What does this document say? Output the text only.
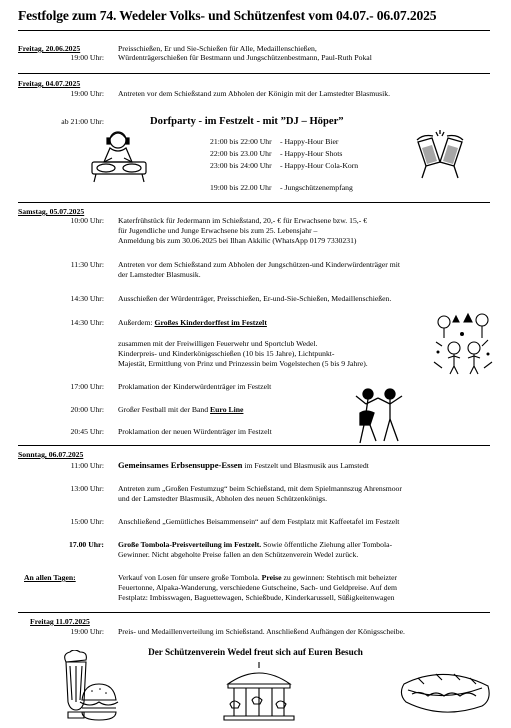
Festfolge zum 74. Wedeler Volks- und Schützenfest vom 04.07.- 06.07.2025
Freitag, 20.06.2025
19:00 Uhr:
Preisschießen, Er und Sie-Schießen für Alle, Medaillenschießen,
Würdenträgerschießen für Bestmann und Jungschützenbestmann, Paul-Ruth Pokal
Freitag, 04.07.2025
19:00 Uhr: Antreten vor dem Schießstand zum Abholen der Königin mit der Lamstedter Blasmusik.
ab 21:00 Uhr:	Dorfparty - im Festzelt - mit ”DJ – Höper”
21:00 bis 22:00 Uhr - Happy-Hour Bier
22:00 bis 23.00 Uhr - Happy-Hour Shots
23:00 bis 24:00 Uhr - Happy-Hour Cola-Korn
19:00 bis 22.00 Uhr - Jungschützenempfang
Samstag, 05.07.2025
10:00 Uhr: Katerfrühstück für Jedermann im Schießstand, 20,- € für Erwachsene bzw. 15,- €
für Jugendliche und Junge Erwachsene bis zum 25. Lebensjahr –
Anmeldung bis zum 30.06.2025 bei Ilhan Akkilic (WhatsApp 0179 7330231)
11:30 Uhr: Antreten vor dem Schießstand zum Abholen der Jungschützen-und Kinderwürdenträger mit
der Lamstedter Blasmusik.
14:30 Uhr: Ausschießen der Würdenträger, Preisschießen, Er-und-Sie-Schießen, Medaillenschießen.
14:30 Uhr: Außerdem: Großes Kinderdorffest im Festzelt
zusammen mit der Freiwilligen Feuerwehr und Sportclub Wedel.
Kinderpreis- und Kinderkönigsschießen (10 bis 15 Jahre), Lichtpunkt-
Majestät, Ermittlung von Prinz und Prinzessin beim Vogelstechen (5 bis 9 Jahre).
17:00 Uhr: Proklamation der Kinderwürdenträger im Festzelt
20:00 Uhr: Großer Festball mit der Band Euro Line
20:45 Uhr: Proklamation der neuen Würdenträger im Festzelt
Sonntag, 06.07.2025
11:00 Uhr: Gemeinsames Erbsensuppe-Essen im Festzelt und Blasmusik aus Lamstedt
13:00 Uhr: Antreten zum „Großen Festumzug“ beim Schießstand, mit dem Spielmannszug Ahrensmoor
und der Lamstedter Blasmusik, Abholen des neuen Schützenkönigs.
15:00 Uhr: Anschließend „Gemütliches Beisammensein“ auf dem Festplatz mit Kaffeetafel im Festzelt
17.00 Uhr: Große Tombola-Preisverteilung im Festzelt. Sowie öffentliche Ziehung aller Tombola-
Gewinner. Nicht abgeholte Preise fallen an den Schützenverein Wedel zurück.
An allen Tagen:	Verkauf von Losen für unsere große Tombola. Preise zu gewinnen: Stehtisch mit beheizter
Feuertonne, Alpaka-Wanderung, verschiedene Gutscheine, Sach- und Geldpreise. Auf dem
Festplatz: Imbisswagen, Baguettewagen, Schießbude, Kinderkarussell, Süßigkeitenwagen
Freitag 11.07.2025
19:00 Uhr: Preis- und Medaillenverteilung im Schießstand. Anschließend Aufhängen der Königsscheibe.
Der Schützenverein Wedel freut sich auf Euren Besuch
